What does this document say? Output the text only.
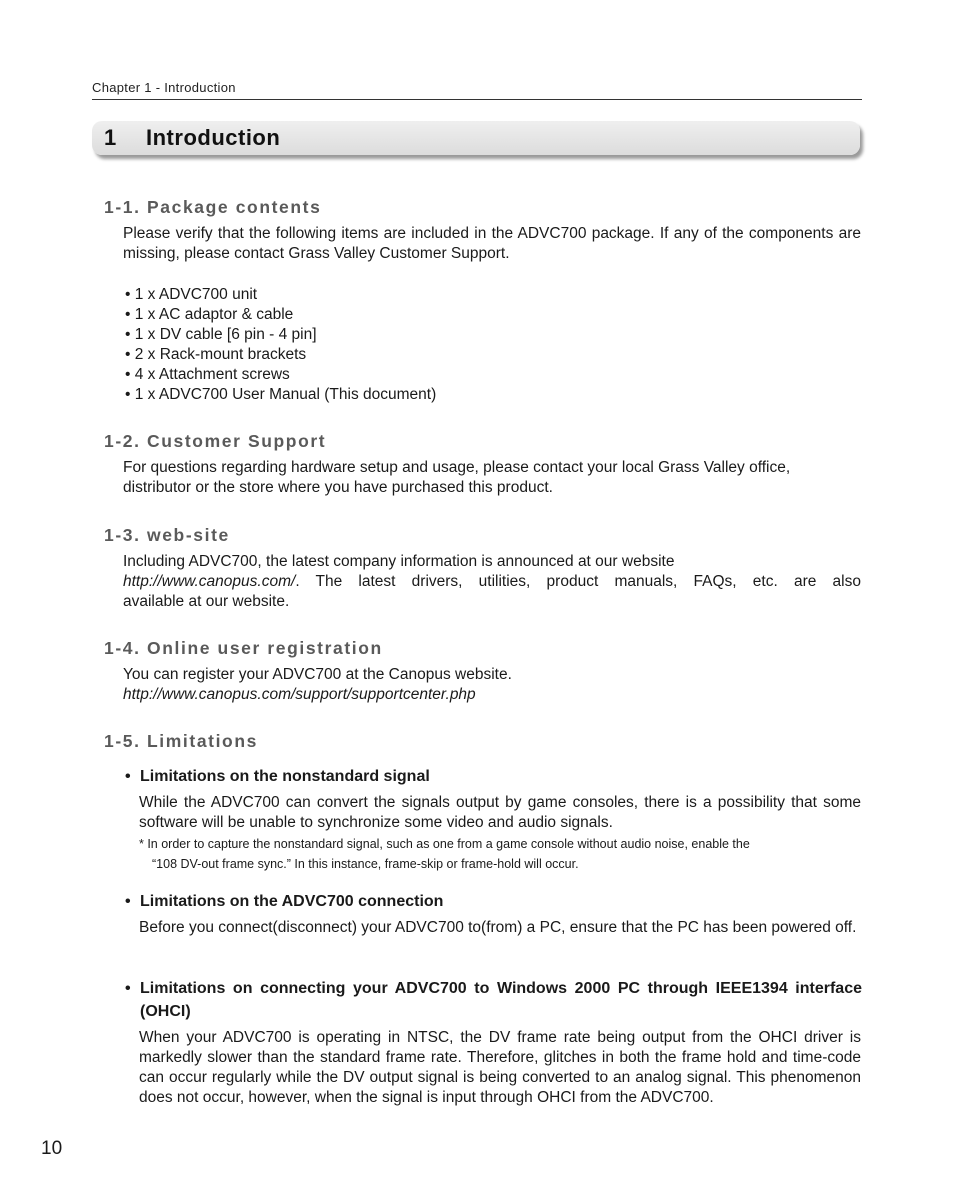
Chapter 1 - Introduction
1 Introduction
1-1. Package contents

Please verify that the following items are included in the ADVC700 package. If any of the components are missing, please contact Grass Valley Customer Support.

• 1 x ADVC700 unit
• 1 x AC adaptor & cable
• 1 x DV cable [6 pin - 4 pin]
• 2 x Rack-mount brackets
• 4 x Attachment screws
• 1 x ADVC700 User Manual (This document)
1-2. Customer Support

For questions regarding hardware setup and usage, please contact your local Grass Valley office, distributor or the store where you have purchased this product.

1-3. web-site
Including ADVC700, the latest company information is announced at our website
http://www.canopus.com/. The latest drivers, utilities, product manuals, FAQs, etc. are also
available at our website.
1-4. Online user registration
You can register your ADVC700 at the Canopus website.
http://www.canopus.com/support/supportcenter.php
1-5. Limitations
• Limitations on the nonstandard signal

While the ADVC700 can convert the signals output by game consoles, there is a possibility that some software will be unable to synchronize some video and audio signals.

* In order to capture the nonstandard signal, such as one from a game console without audio noise, enable the
“108 DV-out frame sync.” In this instance, frame-skip or frame-hold will occur.
• Limitations on the ADVC700 connection

Before you connect(disconnect) your ADVC700 to(from) a PC, ensure that the PC has been powered off.

• Limitations on connecting your ADVC700 to Windows 2000 PC through IEEE1394 interface (OHCI)

When your ADVC700 is operating in NTSC, the DV frame rate being output from the OHCI driver is markedly slower than the standard frame rate. Therefore, glitches in both the frame hold and time-code can occur regularly while the DV output signal is being converted to an analog signal. This phenomenon does not occur, however, when the signal is input through OHCI from the ADVC700.

10
